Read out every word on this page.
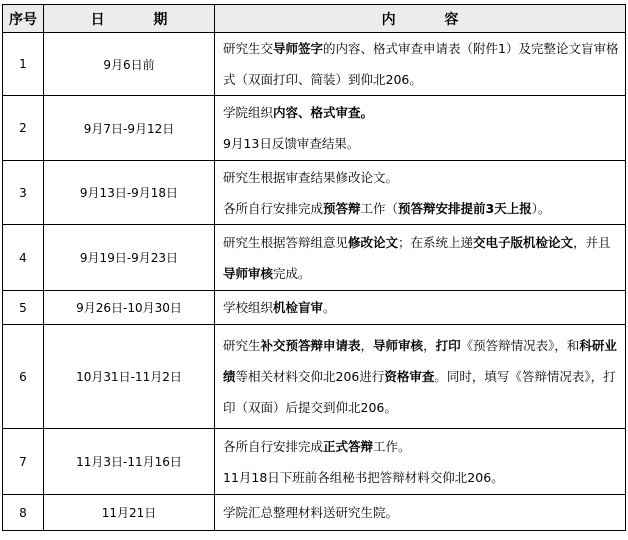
序号	日 期	内 容
1	9月6日前	研究生交导师签字的内容、格式审查申请表（附件1）及完整论文盲审格式（双面打印、简装）到仰北206。
2	9月7日-9月12日	学院组织内容、格式审查。
9月13日反馈审查结果。
3	9月13日-9月18日	研究生根据审查结果修改论文。
各所自行安排完成预答辩工作（预答辩安排提前3天上报）。
4	9月19日-9月23日	研究生根据答辩组意见修改论文；在系统上递交电子版机检论文，并且导师审核完成。
5	9月26日-10月30日	学校组织机检盲审。
6	10月31日-11月2日	研究生补交预答辩申请表，导师审核，打印《预答辩情况表》，和科研业绩等相关材料交仰北206进行资格审查。同时，填写《答辩情况表》，打印（双面）后提交到仰北206。
7	11月3日-11月16日	各所自行安排完成正式答辩工作。
11月18日下班前各组秘书把答辩材料交仰北206。
8	11月21日	学院汇总整理材料送研究生院。
